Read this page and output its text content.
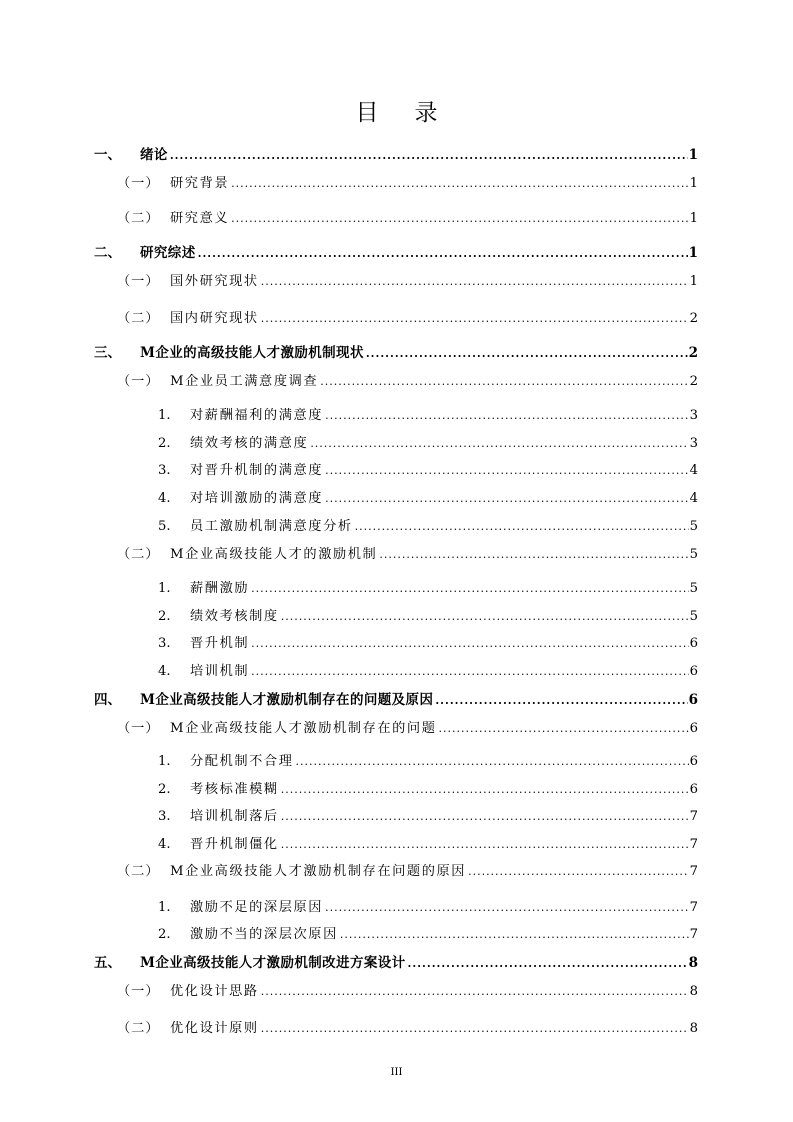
目录
一、	绪论 .....	1
（一） 研究背景 .....	1
（二） 研究意义 .....	1
二、	研究综述 .....	1
（一） 国外研究现状 .....	1
（二） 国内研究现状 .....	2
三、	M企业的高级技能人才激励机制现状 .....	2
（一） M企业员工满意度调查 .....	2
1.	对薪酬福利的满意度 .....	3
2.	绩效考核的满意度 .....	3
3.	对晋升机制的满意度 .....	4
4.	对培训激励的满意度 .....	4
5.	员工激励机制满意度分析 .....	5
（二） M企业高级技能人才的激励机制 .....	5
1.	薪酬激励 .....	5
2.	绩效考核制度 .....	5
3.	晋升机制 .....	6
4.	培训机制 .....	6
四、	M企业高级技能人才激励机制存在的问题及原因 .....	6
（一） M企业高级技能人才激励机制存在的问题 .....	6
1.	分配机制不合理 .....	6
2.	考核标准模糊 .....	6
3.	培训机制落后 .....	7
4.	晋升机制僵化 .....	7
（二） M企业高级技能人才激励机制存在问题的原因 .....	7
1.	激励不足的深层原因 .....	7
2.	激励不当的深层次原因 .....	7
五、	M企业高级技能人才激励机制改进方案设计 .....	8
（一） 优化设计思路 .....	8
（二） 优化设计原则 .....	8
III
